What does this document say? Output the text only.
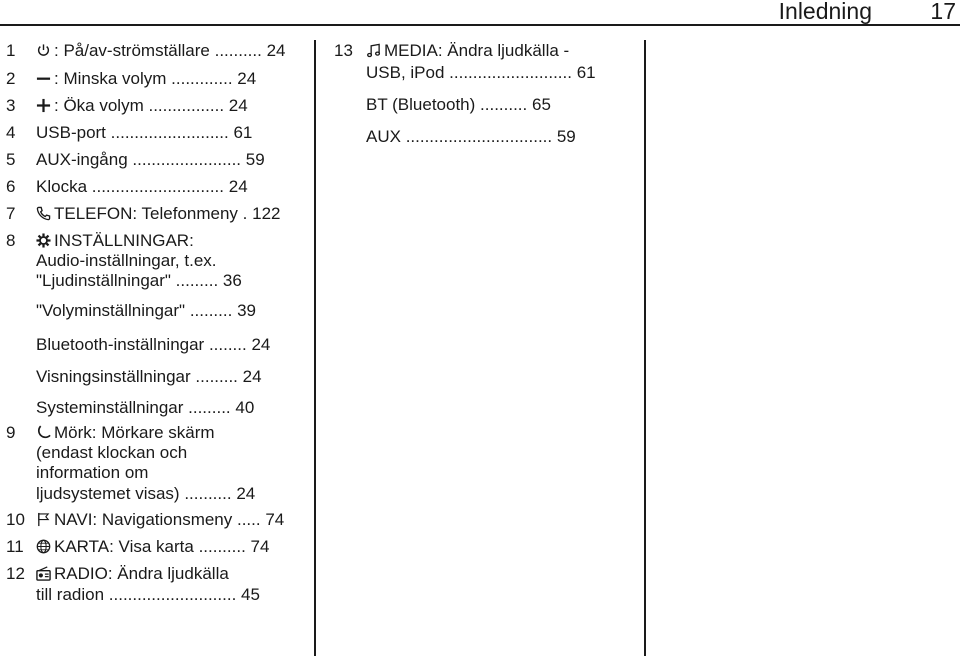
Inledning	17
1	: På/av-strömställare .......... 24
2	: Minska volym ............. 24
3	: Öka volym ................ 24
4	USB-port ......................... 61
5	AUX-ingång ....................... 59
6	Klocka ............................ 24
7	TELEFON: Telefonmeny . 122
8	INSTÄLLNINGAR:
Audio-inställningar, t.ex.
"Ljudinställningar" ......... 36
"Volyminställningar" ......... 39
Bluetooth-inställningar ........ 24
Visningsinställningar ......... 24
Systeminställningar ......... 40
9	Mörk: Mörkare skärm
(endast klockan och
information om
ljudsystemet visas) .......... 24
10	NAVI: Navigationsmeny ..... 74
11	KARTA: Visa karta .......... 74
12	RADIO: Ändra ljudkälla
till radion ........................... 45
13	MEDIA: Ändra ljudkälla -
USB, iPod .......................... 61
BT (Bluetooth) .......... 65
AUX ............................... 59
